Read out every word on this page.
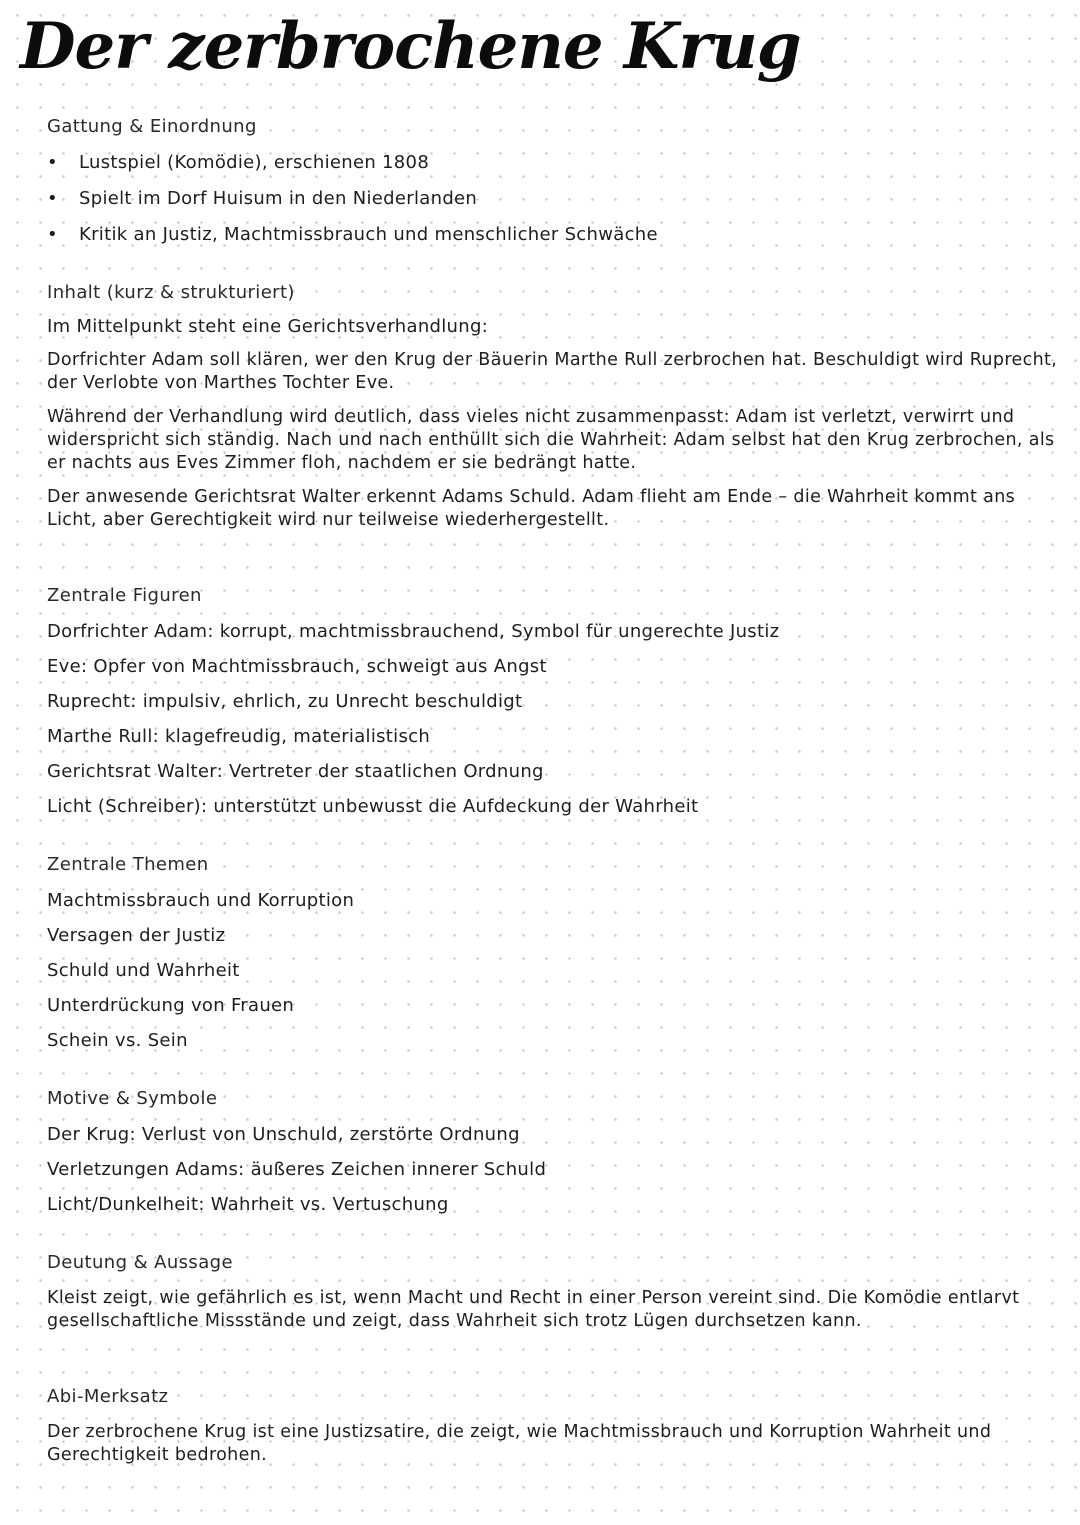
Der zerbrochene Krug
Gattung & Einordnung
• Lustspiel (Komödie), erschienen 1808
• Spielt im Dorf Huisum in den Niederlanden
• Kritik an Justiz, Machtmissbrauch und menschlicher Schwäche
Inhalt (kurz & strukturiert)
Im Mittelpunkt steht eine Gerichtsverhandlung:
Dorfrichter Adam soll klären, wer den Krug der Bäuerin Marthe Rull zerbrochen hat. Beschuldigt wird Ruprecht, der Verlobte von Marthes Tochter Eve.
Während der Verhandlung wird deutlich, dass vieles nicht zusammenpasst: Adam ist verletzt, verwirrt und widerspricht sich ständig. Nach und nach enthüllt sich die Wahrheit: Adam selbst hat den Krug zerbrochen, als er nachts aus Eves Zimmer floh, nachdem er sie bedrängt hatte.
Der anwesende Gerichtsrat Walter erkennt Adams Schuld. Adam flieht am Ende – die Wahrheit kommt ans Licht, aber Gerechtigkeit wird nur teilweise wiederhergestellt.
Zentrale Figuren
Dorfrichter Adam: korrupt, machtmissbrauchend, Symbol für ungerechte Justiz
Eve: Opfer von Machtmissbrauch, schweigt aus Angst
Ruprecht: impulsiv, ehrlich, zu Unrecht beschuldigt
Marthe Rull: klagefreudig, materialistisch
Gerichtsrat Walter: Vertreter der staatlichen Ordnung
Licht (Schreiber): unterstützt unbewusst die Aufdeckung der Wahrheit
Zentrale Themen
Machtmissbrauch und Korruption
Versagen der Justiz
Schuld und Wahrheit
Unterdrückung von Frauen
Schein vs. Sein
Motive & Symbole
Der Krug: Verlust von Unschuld, zerstörte Ordnung
Verletzungen Adams: äußeres Zeichen innerer Schuld
Licht/Dunkelheit: Wahrheit vs. Vertuschung
Deutung & Aussage
Kleist zeigt, wie gefährlich es ist, wenn Macht und Recht in einer Person vereint sind. Die Komödie entlarvt gesellschaftliche Missstände und zeigt, dass Wahrheit sich trotz Lügen durchsetzen kann.
Abi-Merksatz
Der zerbrochene Krug ist eine Justizsatire, die zeigt, wie Machtmissbrauch und Korruption Wahrheit und Gerechtigkeit bedrohen.
